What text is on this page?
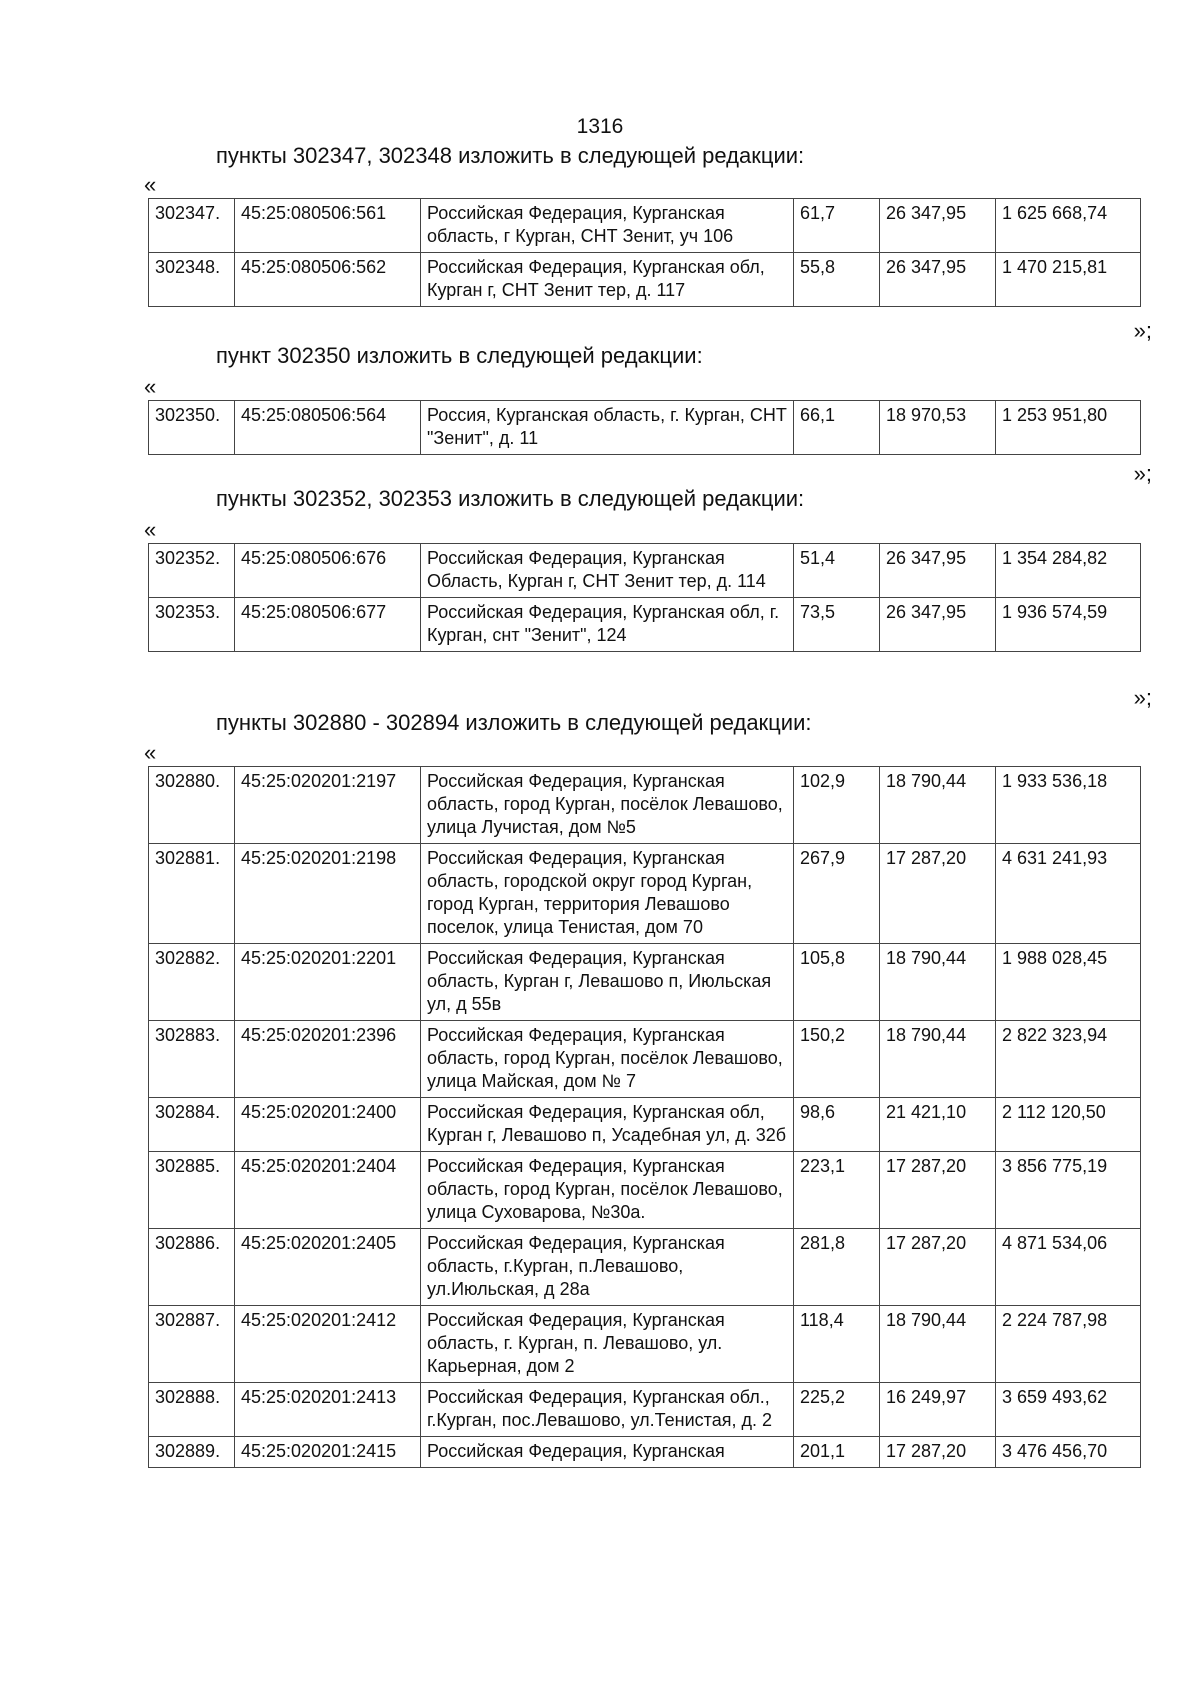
1316
пункты 302347, 302348 изложить в следующей редакции:
«
302347.	45:25:080506:561	Российская Федерация, Курганская область, г Курган, СНТ Зенит, уч 106	61,7	26 347,95	1 625 668,74
302348.	45:25:080506:562	Российская Федерация, Курганская обл, Курган г, СНТ Зенит тер, д. 117	55,8	26 347,95	1 470 215,81
»;
пункт 302350 изложить в следующей редакции:
«
302350.	45:25:080506:564	Россия, Курганская область, г. Курган, СНТ "Зенит", д. 11	66,1	18 970,53	1 253 951,80
»;
пункты 302352, 302353 изложить в следующей редакции:
«
302352.	45:25:080506:676	Российская Федерация, Курганская Область, Курган г, СНТ Зенит тер, д. 114	51,4	26 347,95	1 354 284,82
302353.	45:25:080506:677	Российская Федерация, Курганская обл, г. Курган, снт "Зенит", 124	73,5	26 347,95	1 936 574,59
»;
пункты 302880 - 302894 изложить в следующей редакции:
«
302880.	45:25:020201:2197	Российская Федерация, Курганская область, город Курган, посёлок Левашово, улица Лучистая, дом №5	102,9	18 790,44	1 933 536,18
302881.	45:25:020201:2198	Российская Федерация, Курганская область, городской округ город Курган, город Курган, территория Левашово поселок, улица Тенистая, дом 70	267,9	17 287,20	4 631 241,93
302882.	45:25:020201:2201	Российская Федерация, Курганская область, Курган г, Левашово п, Июльская ул, д 55в	105,8	18 790,44	1 988 028,45
302883.	45:25:020201:2396	Российская Федерация, Курганская область, город Курган, посёлок Левашово, улица Майская, дом № 7	150,2	18 790,44	2 822 323,94
302884.	45:25:020201:2400	Российская Федерация, Курганская обл, Курган г, Левашово п, Усадебная ул, д. 32б	98,6	21 421,10	2 112 120,50
302885.	45:25:020201:2404	Российская Федерация, Курганская область, город Курган, посёлок Левашово, улица Суховарова, №30а.	223,1	17 287,20	3 856 775,19
302886.	45:25:020201:2405	Российская Федерация, Курганская область, г.Курган, п.Левашово, ул.Июльская, д 28а	281,8	17 287,20	4 871 534,06
302887.	45:25:020201:2412	Российская Федерация, Курганская область, г. Курган, п. Левашово, ул. Карьерная, дом 2	118,4	18 790,44	2 224 787,98
302888.	45:25:020201:2413	Российская Федерация, Курганская обл., г.Курган, пос.Левашово, ул.Тенистая, д. 2	225,2	16 249,97	3 659 493,62
302889.	45:25:020201:2415	Российская Федерация, Курганская	201,1	17 287,20	3 476 456,70
